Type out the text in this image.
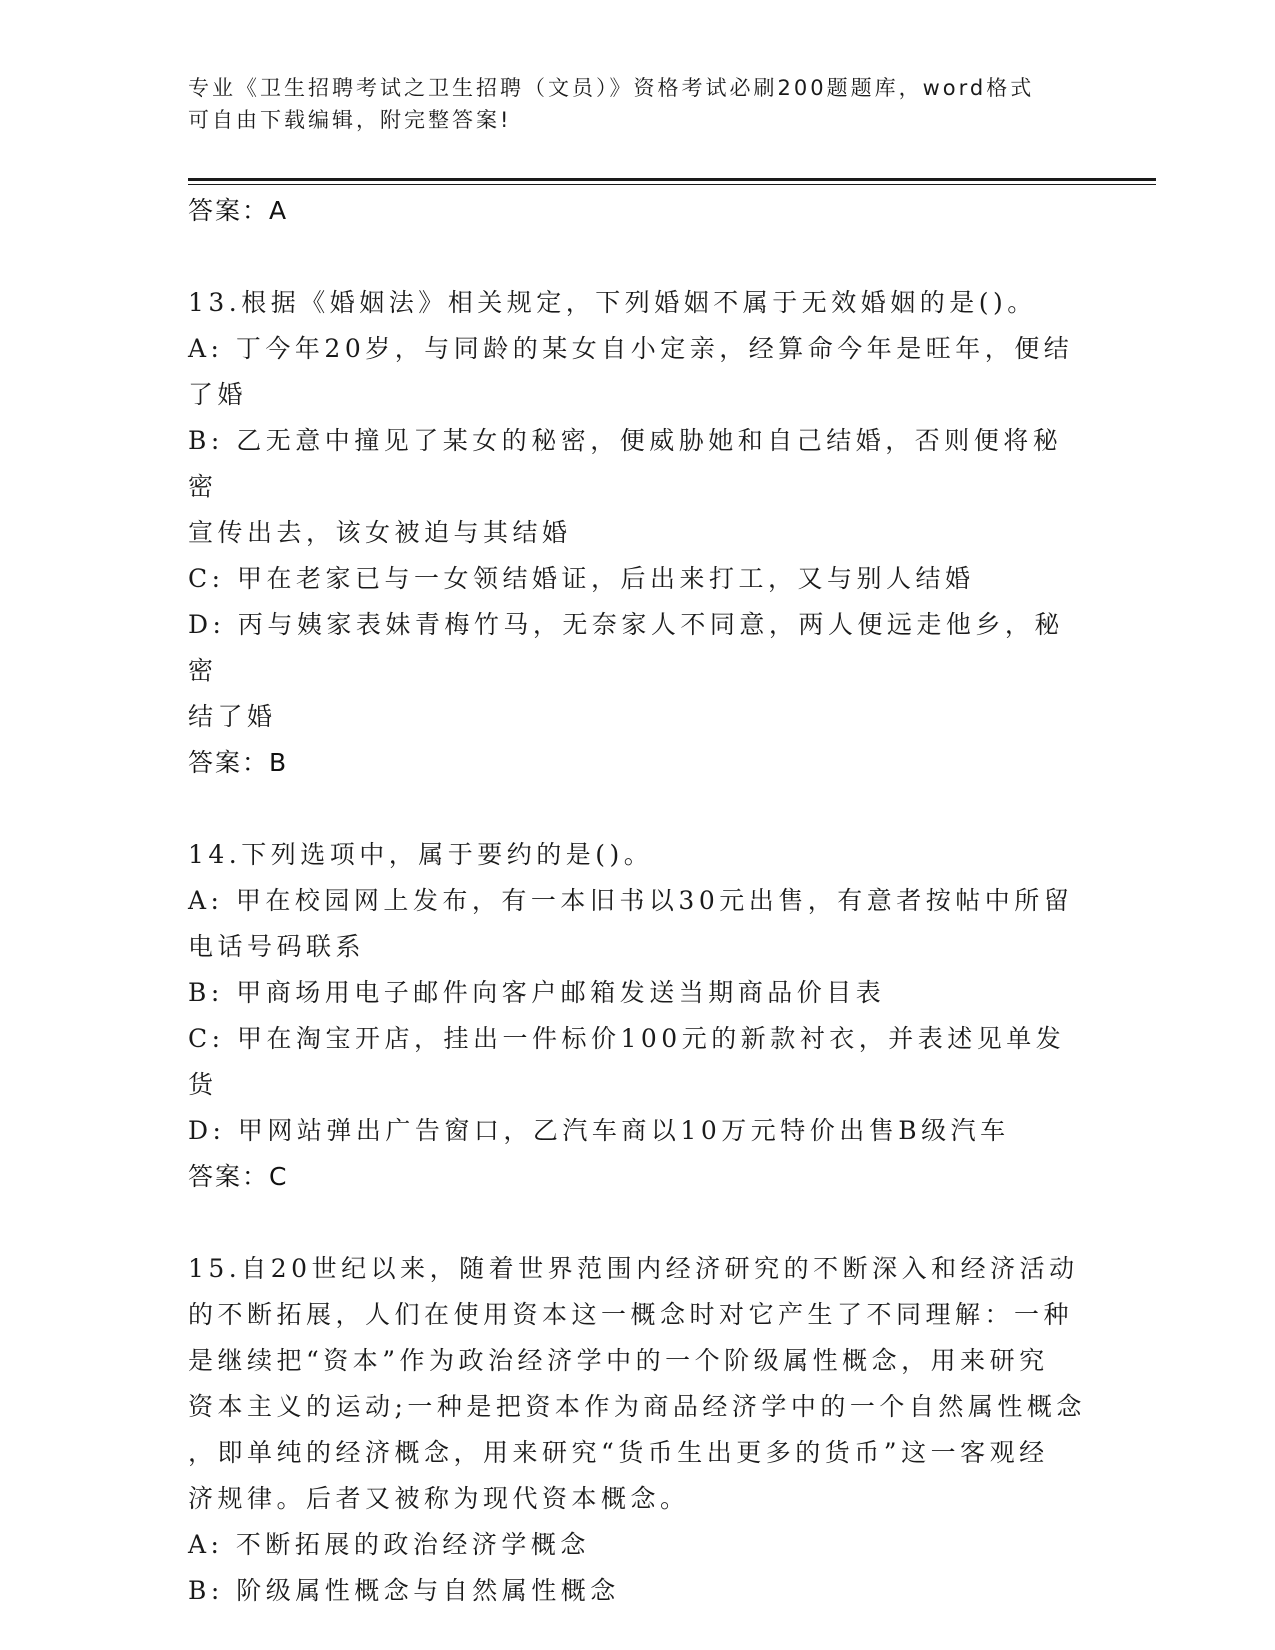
专业《卫生招聘考试之卫生招聘（文员）》资格考试必刷200题题库，word格式

可自由下载编辑，附完整答案!

答案：A

13.根据《婚姻法》相关规定，下列婚姻不属于无效婚姻的是()。

A: 丁今年20岁，与同龄的某女自小定亲，经算命今年是旺年，便结

了婚

B: 乙无意中撞见了某女的秘密，便威胁她和自己结婚，否则便将秘密

宣传出去，该女被迫与其结婚

C: 甲在老家已与一女领结婚证，后出来打工，又与别人结婚

D: 丙与姨家表妹青梅竹马，无奈家人不同意，两人便远走他乡，秘密

结了婚

答案：B

14.下列选项中，属于要约的是()。

A: 甲在校园网上发布，有一本旧书以30元出售，有意者按帖中所留

电话号码联系

B: 甲商场用电子邮件向客户邮箱发送当期商品价目表

C: 甲在淘宝开店，挂出一件标价100元的新款衬衣，并表述见单发货

D: 甲网站弹出广告窗口，乙汽车商以10万元特价出售B级汽车

答案：C

15.自20世纪以来，随着世界范围内经济研究的不断深入和经济活动

的不断拓展，人们在使用资本这一概念时对它产生了不同理解：一种

是继续把“资本”作为政治经济学中的一个阶级属性概念，用来研究

资本主义的运动;一种是把资本作为商品经济学中的一个自然属性概念

，即单纯的经济概念，用来研究“货币生出更多的货币”这一客观经

济规律。后者又被称为现代资本概念。

A: 不断拓展的政治经济学概念

B: 阶级属性概念与自然属性概念
